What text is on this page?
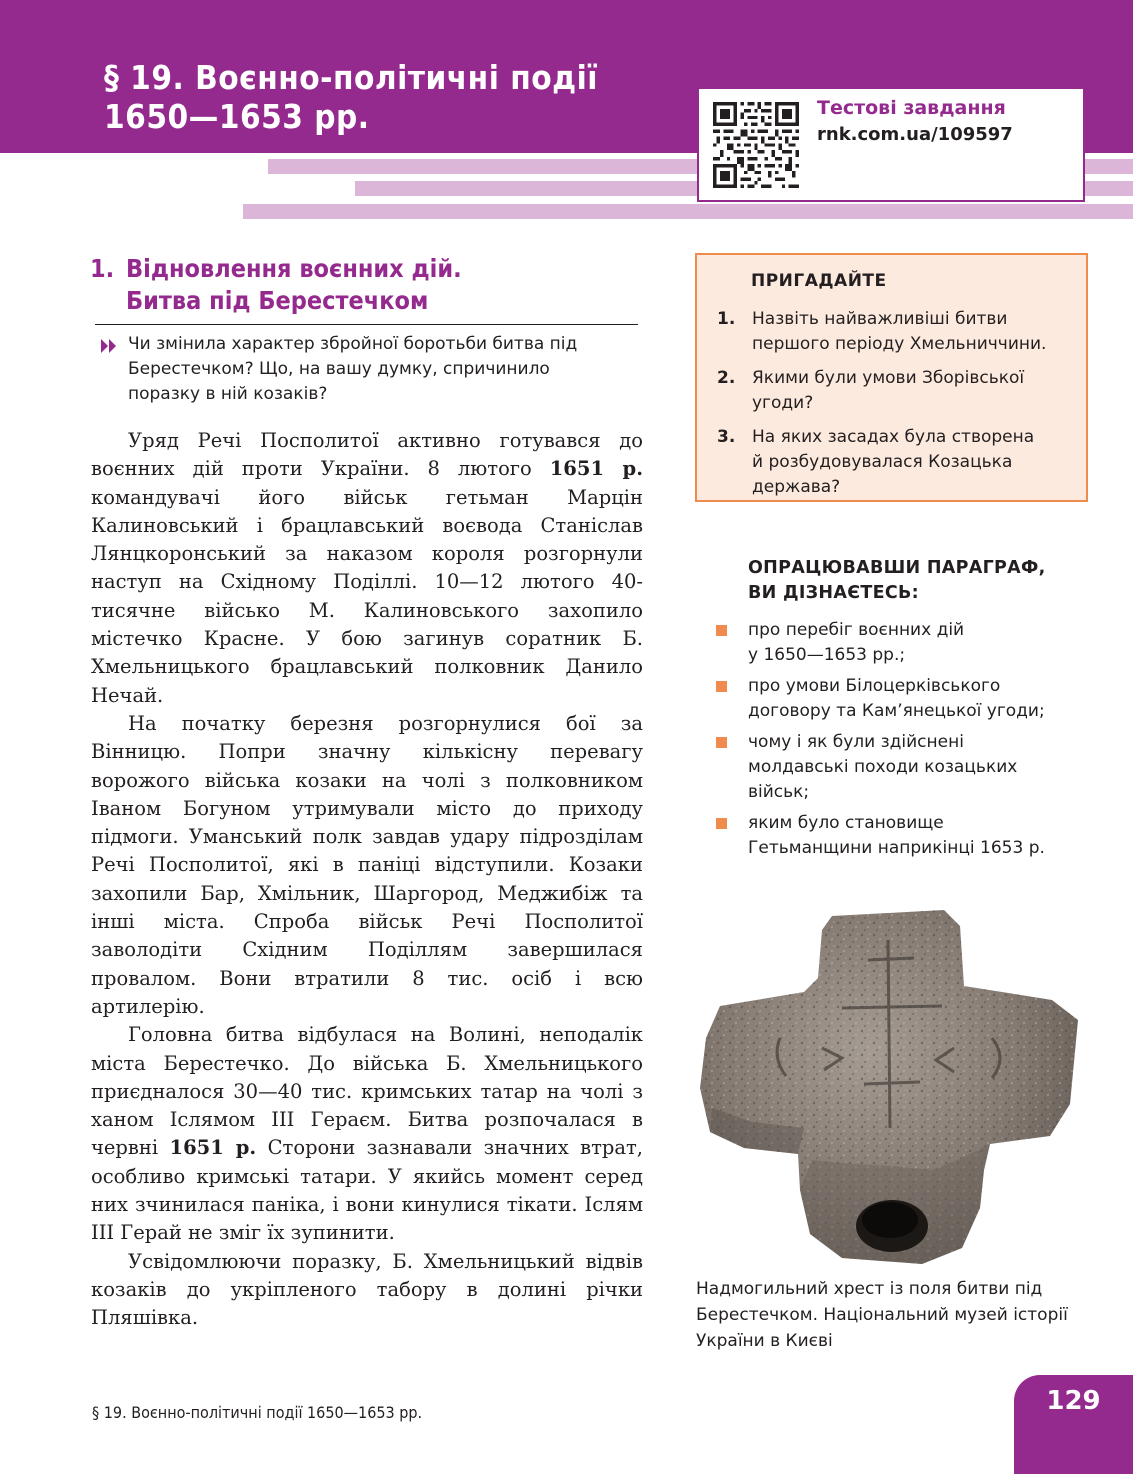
§ 19. Воєнно-політичні події
1650—1653 рр.	Тестові завдання
rnk.com.ua/109597
1. Відновлення воєнних дій.
Битва під Берестечком
Чи змінила характер збройної боротьби битва під
Берестечком? Що, на вашу думку, спричинило
поразку в ній козаків?

Уряд Речі Посполитої активно готувався до воєнних дій проти України. 8 лютого 1651 р. командувачі його військ гетьман Марцін Калиновський і брацлавський воєвода Станіслав Лянцкоронський за наказом короля розгорнули наступ на Східному Поділлі. 10—12 лютого 40-тисячне військо М. Калиновського захопило містечко Красне. У бою загинув соратник Б. Хмельницького брацлавський полковник Данило Нечай.

На початку березня розгорнулися бої за Вінницю. Попри значну кількісну перевагу ворожого війська козаки на чолі з полковником Іваном Богуном утримували місто до приходу підмоги. Уманський полк завдав удару підрозділам Речі Посполитої, які в паніці відступили. Козаки захопили Бар, Хмільник, Шаргород, Меджибіж та інші міста. Спроба військ Речі Посполитої заволодіти Східним Поділлям завершилася провалом. Вони втратили 8 тис. осіб і всю артилерію.

Головна битва відбулася на Волині, неподалік міста Берестечко. До війська Б. Хмельницького приєдналося 30—40 тис. кримських татар на чолі з ханом Іслямом ІІІ Гераєм. Битва розпочалася в червні 1651 р. Сторони зазнавали значних втрат, особливо кримські татари. У якийсь момент серед них зчинилася паніка, і вони кинулися тікати. Іслям ІІІ Герай не зміг їх зупинити.

Усвідомлюючи поразку, Б. Хмельницький відвів козаків до укріпленого табору в долині річки Пляшівка.

ПРИГАДАЙТЕ
1. Назвіть найважливіші битви
першого періоду Хмельниччини.
2. Якими були умови Зборівської
угоди?
3. На яких засадах була створена
й розбудовувалася Козацька
держава?
ОПРАЦЮВАВШИ ПАРАГРАФ,
ВИ ДІЗНАЄТЕСЬ:
про перебіг воєнних дій
у 1650—1653 рр.;
про умови Білоцерківського
договору та Кам’янецької угоди;
чому і як були здійснені
молдавські походи козацьких
військ;
яким було становище
Гетьманщини наприкінці 1653 р.

Надмогильний хрест із поля битви під
Берестечком. Національний музей історії
України в Києві

§ 19. Воєнно-політичні події 1650—1653 рр.	129
